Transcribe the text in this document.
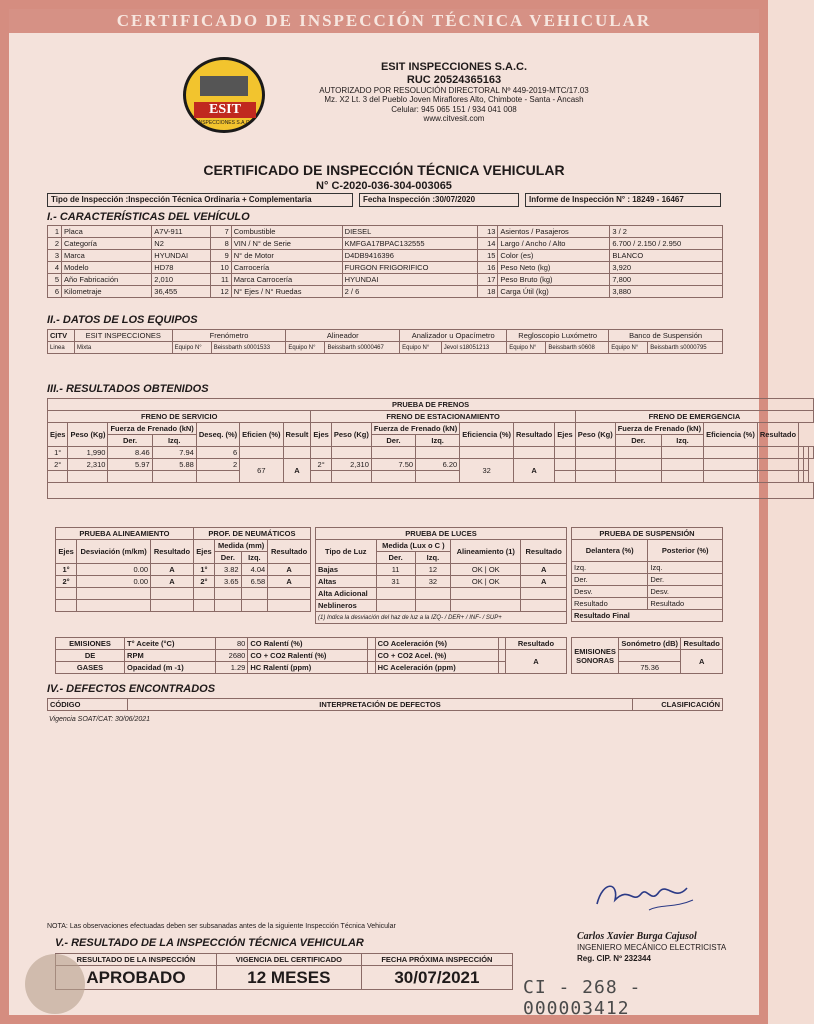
CERTIFICADO DE INSPECCIÓN TÉCNICA VEHICULAR
ESIT
INSPECCIONES S.A.C.
ESIT INSPECCIONES S.A.C.
RUC 20524365163
AUTORIZADO POR RESOLUCIÓN DIRECTORAL Nº 449-2019-MTC/17.03
Mz. X2 Lt. 3 del Pueblo Joven Miraflores Alto, Chimbote - Santa - Ancash
Celular: 945 065 151 / 934 041 008
www.citvesit.com
CERTIFICADO DE INSPECCIÓN TÉCNICA VEHICULAR
N° C-2020-036-304-003065
Tipo de Inspección :Inspección Técnica Ordinaria + Complementaria	Fecha Inspección :30/07/2020	Informe de Inspección N° : 18249 - 16467
I.- CARACTERÍSTICAS DEL VEHÍCULO
1	Placa	A7V-911	7	Combustible	DIESEL	13	Asientos / Pasajeros	3 / 2
2	Categoría	N2	8	VIN / N° de Serie	KMFGA17BPAC132555	14	Largo / Ancho / Alto	6.700 / 2.150 / 2.950
3	Marca	HYUNDAI	9	N° de Motor	D4DB9416396	15	Color (es)	BLANCO
4	Modelo	HD78	10	Carrocería	FURGON FRIGORIFICO	16	Peso Neto (kg)	3,920
5	Año Fabricación	2,010	11	Marca Carrocería	HYUNDAI	17	Peso Bruto (kg)	7,800
6	Kilometraje	36,455	12	N° Ejes / N° Ruedas	2 / 6	18	Carga Útil (kg)	3,880
II.- DATOS DE LOS EQUIPOS
CITV	ESIT INSPECCIONES	Frenómetro		Alineador		Analizador u Opacímetro		Regloscopio Luxómetro		Banco de Suspensión	
Linea	Mixta	Equipo N°	Beissbarth s0001533	Equipo N°	Beissbarth s0000467	Equipo N°	Jevol s18051213	Equipo N°	Beissbarth s0608	Equipo N°	Beissbarth s0000795
III.- RESULTADOS OBTENIDOS
PRUEBA DE FRENOS																					
FRENO DE SERVICIO							FRENO DE ESTACIONAMIENTO							FRENO DE EMERGENCIA							
Ejes	Peso (Kg)	Fuerza de Frenado (kN)		Deseq. (%)	Eficien (%)	Result	Ejes	Peso (Kg)	Fuerza de Frenado (kN)		Eficiencia (%)	Resultado	Ejes	Peso (Kg)	Fuerza de Frenado (kN)		Eficiencia (%)	Resultado			
		Der.	Izq.						Der.	Izq.					Der.	Izq.					
1°	1,990	8.46	7.94	6																	
2°	2,310	5.97	5.88	2	67	A	2°	2,310	7.50	6.20	32	A									

PRUEBA ALINEAMIENTO			PROF. DE NEUMÁTICOS			
Ejes	Desviación (m/km)	Resultado	Ejes	Medida (mm)		Resultado
				Der.	Izq.	
1°	0.00	A	1°	3.82	4.04	A
2°	0.00	A	2°	3.65	6.58	A

PRUEBA DE LUCES				
Tipo de Luz	Medida (Lux o C )		Alineamiento (1)	Resultado
	Der.	Izq.		
Bajas	11	12	OK | OK	A
Altas	31	32	OK | OK	A
Alta Adicional				
Neblineros				
(1) Indica la desviación del haz de luz a la IZQ- / DER+ / INF- / SUP+				
PRUEBA DE SUSPENSIÓN	
Delantera (%)	Posterior (%)
Izq.	Izq.
Der.	Der.
Desv.	Desv.
Resultado	Resultado
Resultado Final	
EMISIONES	T° Aceite (°C)	80	CO Ralentí (%)		CO Aceleración (%)		Resultado
DE	RPM	2680	CO + CO2 Ralentí (%)		CO + CO2 Acel. (%)		A
GASES	Opacidad (m -1)	1.29	HC Ralentí (ppm)		HC Aceleración (ppm)		
EMISIONES
SONORAS	Sonómetro (dB)	Resultado
		A
	75.36	
IV.- DEFECTOS ENCONTRADOS
CÓDIGO	INTERPRETACIÓN DE DEFECTOS	CLASIFICACIÓN
Vigencia SOAT/CAT: 30/06/2021
NOTA: Las observaciones efectuadas deben ser subsanadas antes de la siguiente Inspección Técnica Vehicular
V.- RESULTADO DE LA INSPECCIÓN TÉCNICA VEHICULAR
RESULTADO DE LA INSPECCIÓN	VIGENCIA DEL CERTIFICADO	FECHA PRÓXIMA INSPECCIÓN
APROBADO	12 MESES	30/07/2021
Carlos Xavier Burga Cajusol
INGENIERO MECÁNICO ELECTRICISTA
Reg. CIP. Nº 232344
CI - 268 - 000003412
